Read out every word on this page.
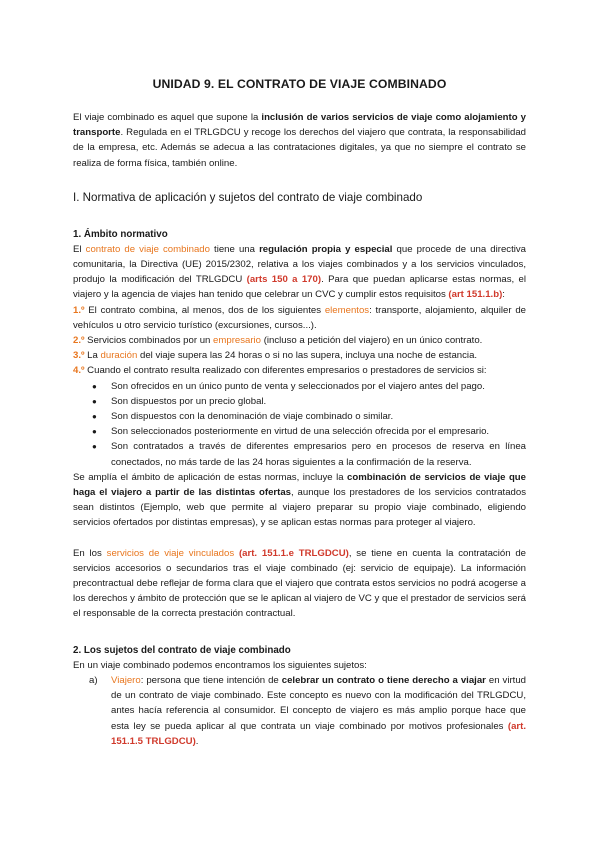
UNIDAD 9. EL CONTRATO DE VIAJE COMBINADO

El viaje combinado es aquel que supone la inclusión de varios servicios de viaje como alojamiento y transporte. Regulada en el TRLGDCU y recoge los derechos del viajero que contrata, la responsabilidad de la empresa, etc. Además se adecua a las contrataciones digitales, ya que no siempre el contrato se realiza de forma física, también online.

I. Normativa de aplicación y sujetos del contrato de viaje combinado
1. Ámbito normativo

El contrato de viaje combinado tiene una regulación propia y especial que procede de una directiva comunitaria, la Directiva (UE) 2015/2302, relativa a los viajes combinados y a los servicios vinculados, produjo la modificación del TRLGDCU (arts 150 a 170). Para que puedan aplicarse estas normas, el viajero y la agencia de viajes han tenido que celebrar un CVC y cumplir estos requisitos (art 151.1.b):

1.º El contrato combina, al menos, dos de los siguientes elementos: transporte, alojamiento, alquiler de vehículos u otro servicio turístico (excursiones, cursos...).

2.º Servicios combinados por un empresario (incluso a petición del viajero) en un único contrato.

3.º La duración del viaje supera las 24 horas o si no las supera, incluya una noche de estancia.

4.º Cuando el contrato resulta realizado con diferentes empresarios o prestadores de servicios si:

● Son ofrecidos en un único punto de venta y seleccionados por el viajero antes del pago.
● Son dispuestos por un precio global.
● Son dispuestos con la denominación de viaje combinado o similar.
● Son seleccionados posteriormente en virtud de una selección ofrecida por el empresario.
● Son contratados a través de diferentes empresarios pero en procesos de reserva en línea conectados, no más tarde de las 24 horas siguientes a la confirmación de la reserva.

Se amplía el ámbito de aplicación de estas normas, incluye la combinación de servicios de viaje que haga el viajero a partir de las distintas ofertas, aunque los prestadores de los servicios contratados sean distintos (Ejemplo, web que permite al viajero preparar su propio viaje combinado, eligiendo servicios ofertados por distintas empresas), y se aplican estas normas para proteger al viajero.

En los servicios de viaje vinculados (art. 151.1.e TRLGDCU), se tiene en cuenta la contratación de servicios accesorios o secundarios tras el viaje combinado (ej: servicio de equipaje). La información precontractual debe reflejar de forma clara que el viajero que contrata estos servicios no podrá acogerse a los derechos y ámbito de protección que se le aplican al viajero de VC y que el prestador de servicios será el responsable de la correcta prestación contractual.

2. Los sujetos del contrato de viaje combinado

En un viaje combinado podemos encontramos los siguientes sujetos:

a) Viajero: persona que tiene intención de celebrar un contrato o tiene derecho a viajar en virtud de un contrato de viaje combinado. Este concepto es nuevo con la modificación del TRLGDCU, antes hacía referencia al consumidor. El concepto de viajero es más amplio porque hace que esta ley se pueda aplicar al que contrata un viaje combinado por motivos profesionales (art. 151.1.5 TRLGDCU).
